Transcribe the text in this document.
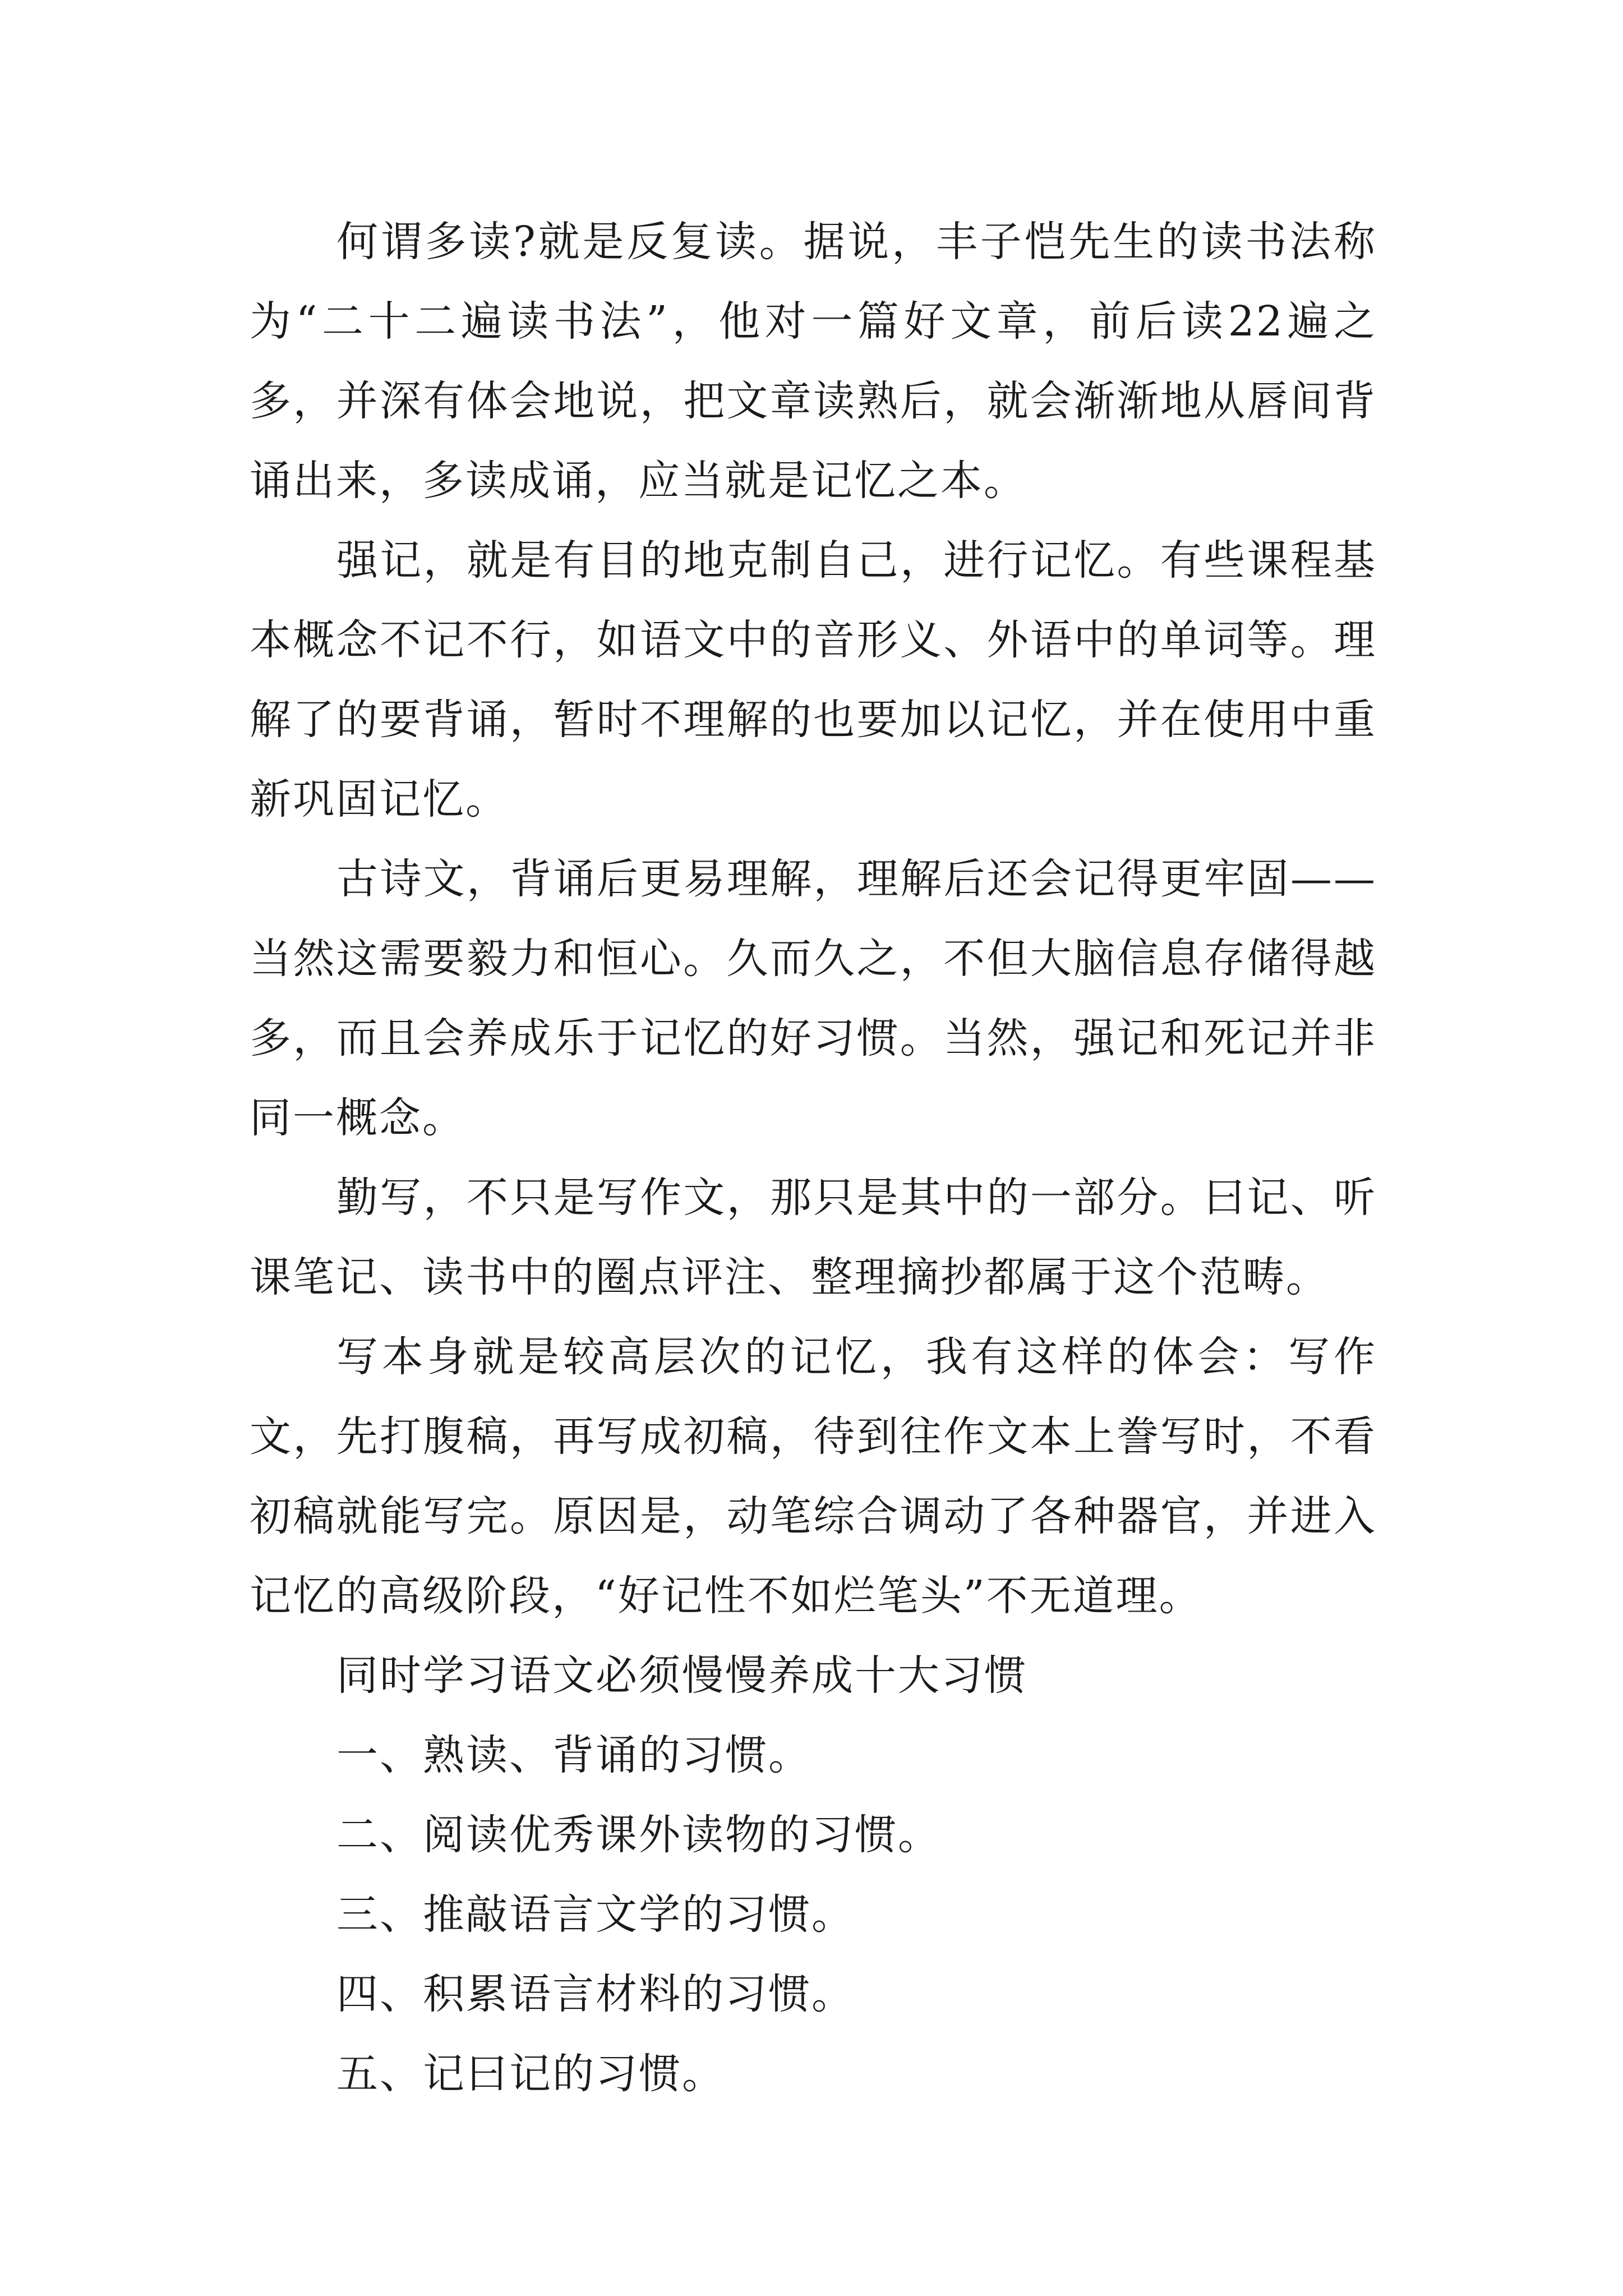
何谓多读?就是反复读。据说，丰子恺先生的读书法称为“二十二遍读书法”，他对一篇好文章，前后读22遍之多，并深有体会地说，把文章读熟后，就会渐渐地从唇间背诵出来，多读成诵，应当就是记忆之本。

强记，就是有目的地克制自己，进行记忆。有些课程基本概念不记不行，如语文中的音形义、外语中的单词等。理解了的要背诵，暂时不理解的也要加以记忆，并在使用中重新巩固记忆。

古诗文，背诵后更易理解，理解后还会记得更牢固——当然这需要毅力和恒心。久而久之，不但大脑信息存储得越多，而且会养成乐于记忆的好习惯。当然，强记和死记并非同一概念。

勤写，不只是写作文，那只是其中的一部分。曰记、听课笔记、读书中的圈点评注、整理摘抄都属于这个范畴。

写本身就是较高层次的记忆，我有这样的体会：写作文，先打腹稿，再写成初稿，待到往作文本上誊写时，不看初稿就能写完。原因是，动笔综合调动了各种器官，并进入记忆的高级阶段，“好记性不如烂笔头”不无道理。

同时学习语文必须慢慢养成十大习惯

一、熟读、背诵的习惯。

二、阅读优秀课外读物的习惯。

三、推敲语言文学的习惯。

四、积累语言材料的习惯。

五、记曰记的习惯。
